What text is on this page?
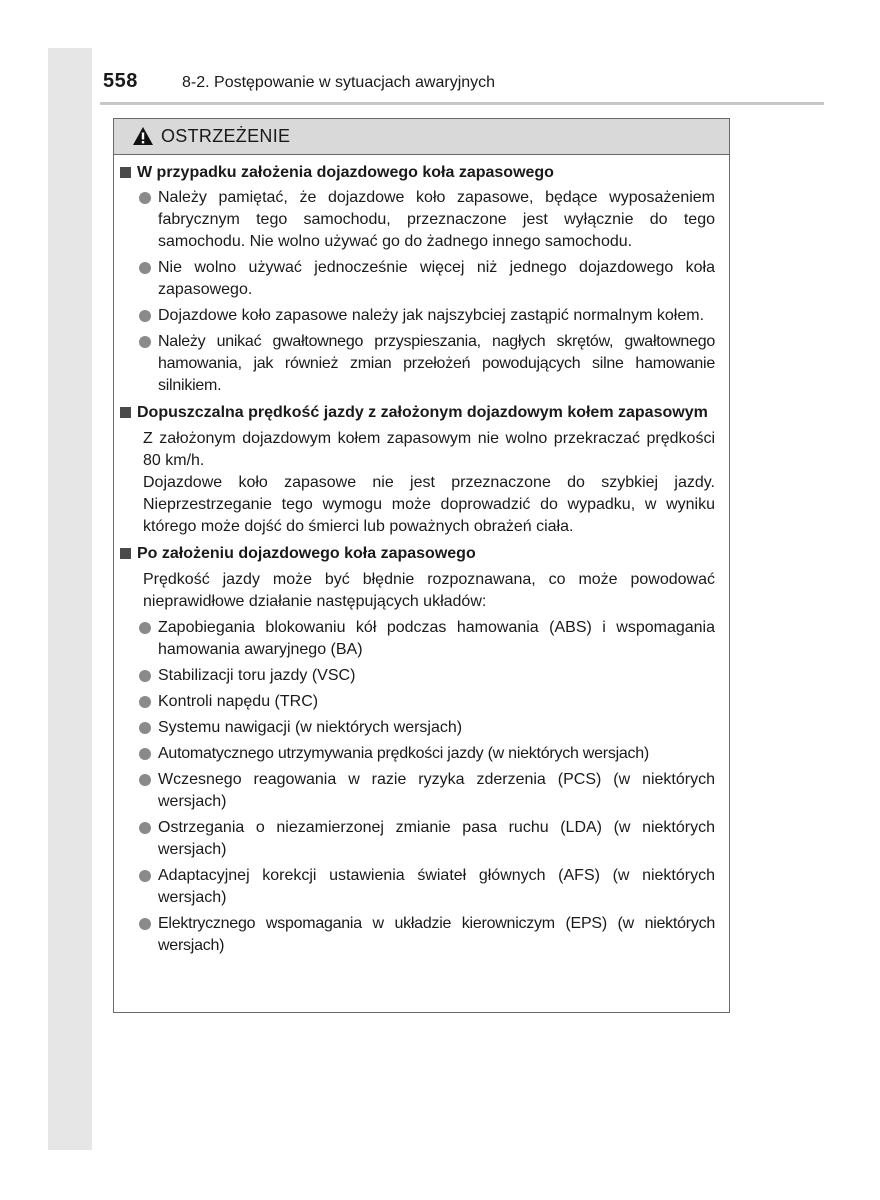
558	8-2. Postępowanie w sytuacjach awaryjnych
OSTRZEŻENIE
W przypadku założenia dojazdowego koła zapasowego
Należy pamiętać, że dojazdowe koło zapasowe, będące wyposażeniem fabrycznym tego samochodu, przeznaczone jest wyłącznie do tego samochodu. Nie wolno używać go do żadnego innego samochodu.
Nie wolno używać jednocześnie więcej niż jednego dojazdowego koła zapasowego.
Dojazdowe koło zapasowe należy jak najszybciej zastąpić normalnym kołem.
Należy unikać gwałtownego przyspieszania, nagłych skrętów, gwałtownego hamowania, jak również zmian przełożeń powodujących silne hamowanie silnikiem.
Dopuszczalna prędkość jazdy z założonym dojazdowym kołem zapasowym
Z założonym dojazdowym kołem zapasowym nie wolno przekraczać prędkości 80 km/h.
Dojazdowe koło zapasowe nie jest przeznaczone do szybkiej jazdy. Nieprzestrzeganie tego wymogu może doprowadzić do wypadku, w wyniku którego może dojść do śmierci lub poważnych obrażeń ciała.
Po założeniu dojazdowego koła zapasowego
Prędkość jazdy może być błędnie rozpoznawana, co może powodować nieprawidłowe działanie następujących układów:
Zapobiegania blokowaniu kół podczas hamowania (ABS) i wspomagania hamowania awaryjnego (BA)
Stabilizacji toru jazdy (VSC)
Kontroli napędu (TRC)
Systemu nawigacji (w niektórych wersjach)
Automatycznego utrzymywania prędkości jazdy (w niektórych wersjach)
Wczesnego reagowania w razie ryzyka zderzenia (PCS) (w niektórych wersjach)
Ostrzegania o niezamierzonej zmianie pasa ruchu (LDA) (w niektórych wersjach)
Adaptacyjnej korekcji ustawienia świateł głównych (AFS) (w niektórych wersjach)
Elektrycznego wspomagania w układzie kierowniczym (EPS) (w niektórych wersjach)
